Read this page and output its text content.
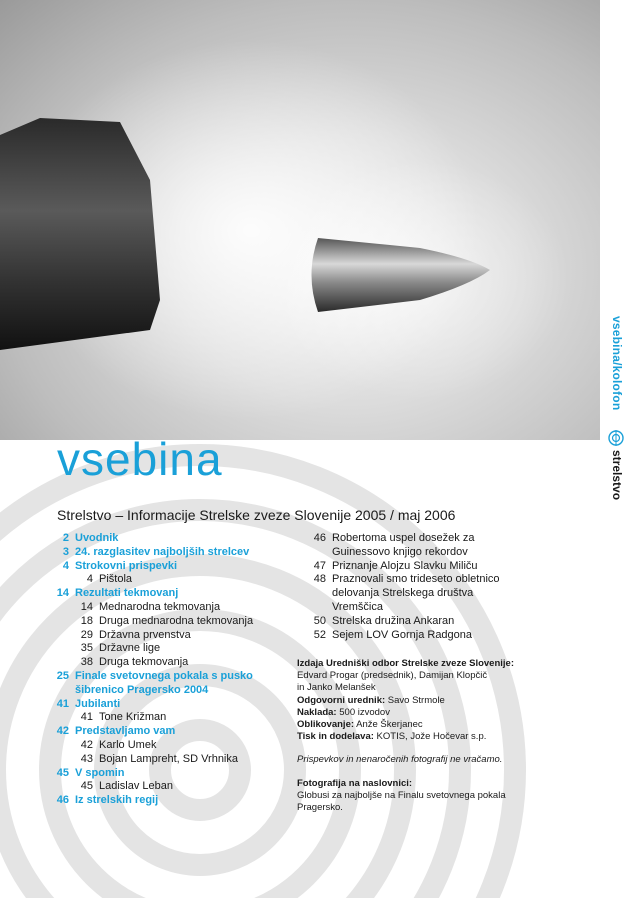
vsebina/kolofon
strelstvo
vsebina
Strelstvo – Informacije Strelske zveze Slovenije 2005 / maj 2006
2 Uvodnik
3 24. razglasitev najboljših strelcev
4 Strokovni prispevki
4 Pištola
14 Rezultati tekmovanj
14 Mednarodna tekmovanja
18 Druga mednarodna tekmovanja
29 Državna prvenstva
35 Državne lige
38 Druga tekmovanja
25 Finale svetovnega pokala s pusko
šibrenico Pragersko 2004
41 Jubilanti
41 Tone Križman
42 Predstavljamo vam
42 Karlo Umek
43 Bojan Lampreht, SD Vrhnika
45 V spomin
45 Ladislav Leban
46 Iz strelskih regij
46 Robertoma uspel dosežek za
Guinessovo knjigo rekordov
47 Priznanje Alojzu Slavku Miliču
48 Praznovali smo trideseto obletnico
delovanja Strelskega društva
Vremščica
50 Strelska družina Ankaran
52 Sejem LOV Gornja Radgona
Izdaja Uredniški odbor Strelske zveze Slovenije:
Edvard Progar (predsednik), Damijan Klopčič
in Janko Melanšek
Odgovorni urednik: Savo Strmole
Naklada: 500 izvodov
Oblikovanje: Anže Škerjanec
Tisk in dodelava: KOTIS, Jože Hočevar s.p.
Prispevkov in nenaročenih fotografij ne vračamo.
Fotografija na naslovnici:
Globusi za najboljše na Finalu svetovnega pokala
Pragersko.
